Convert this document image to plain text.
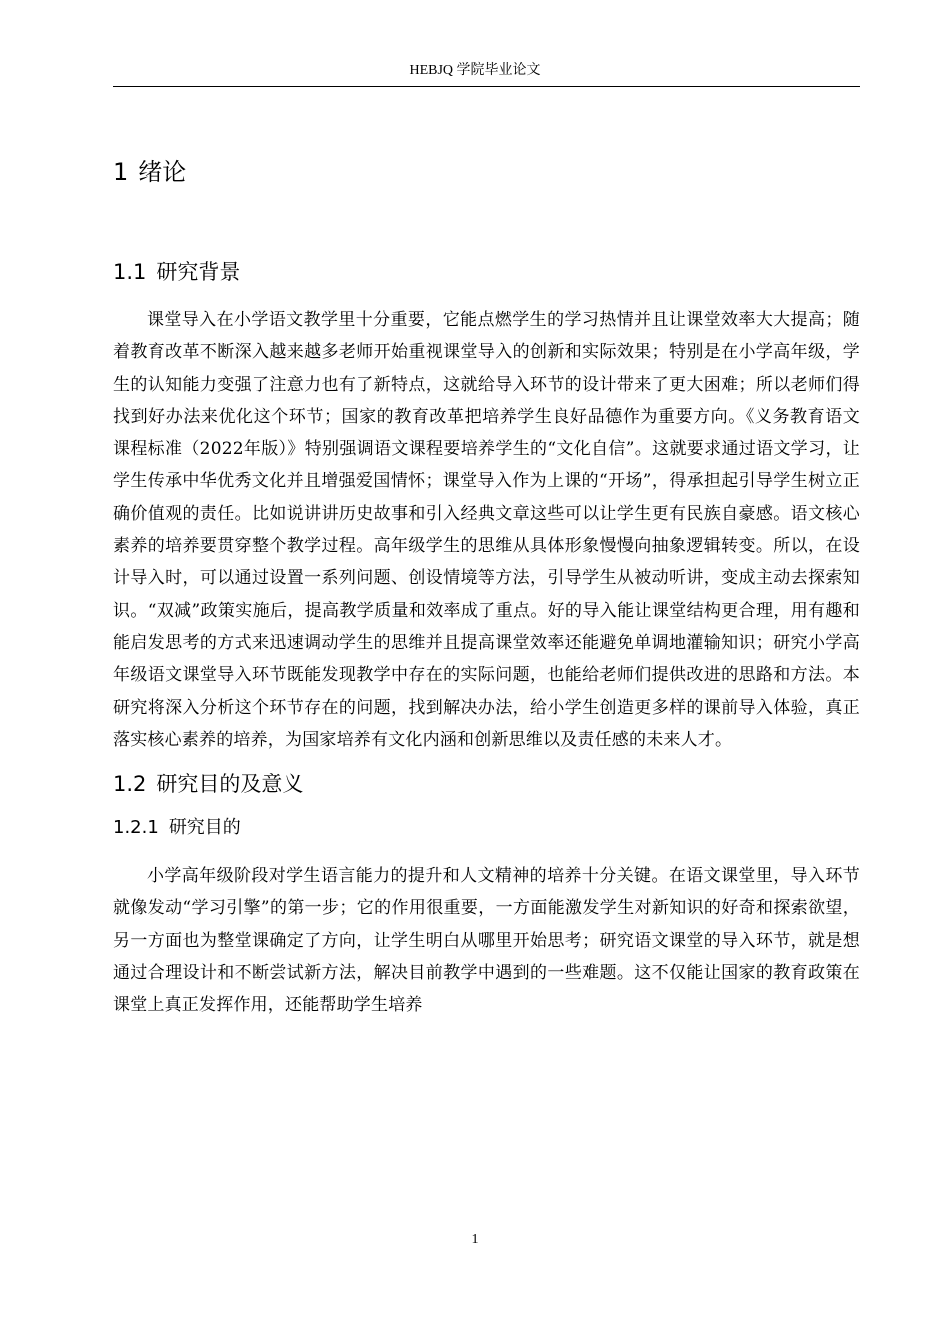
HEBJQ 学院毕业论文
1 绪论
1.1 研究背景

课堂导入在小学语文教学里十分重要，它能点燃学生的学习热情并且让课堂效率大大提高；随着教育改革不断深入越来越多老师开始重视课堂导入的创新和实际效果；特别是在小学高年级，学生的认知能力变强了注意力也有了新特点，这就给导入环节的设计带来了更大困难；所以老师们得找到好办法来优化这个环节；国家的教育改革把培养学生良好品德作为重要方向。《义务教育语文课程标准（2022年版）》特别强调语文课程要培养学生的“文化自信”。这就要求通过语文学习，让学生传承中华优秀文化并且增强爱国情怀；课堂导入作为上课的“开场”，得承担起引导学生树立正确价值观的责任。比如说讲讲历史故事和引入经典文章这些可以让学生更有民族自豪感。语文核心素养的培养要贯穿整个教学过程。高年级学生的思维从具体形象慢慢向抽象逻辑转变。所以，在设计导入时，可以通过设置一系列问题、创设情境等方法，引导学生从被动听讲，变成主动去探索知识。“双减”政策实施后，提高教学质量和效率成了重点。好的导入能让课堂结构更合理，用有趣和能启发思考的方式来迅速调动学生的思维并且提高课堂效率还能避免单调地灌输知识；研究小学高年级语文课堂导入环节既能发现教学中存在的实际问题，也能给老师们提供改进的思路和方法。本研究将深入分析这个环节存在的问题，找到解决办法，给小学生创造更多样的课前导入体验，真正落实核心素养的培养，为国家培养有文化内涵和创新思维以及责任感的未来人才。

1.2 研究目的及意义
1.2.1 研究目的

小学高年级阶段对学生语言能力的提升和人文精神的培养十分关键。在语文课堂里，导入环节就像发动“学习引擎”的第一步；它的作用很重要，一方面能激发学生对新知识的好奇和探索欲望，另一方面也为整堂课确定了方向，让学生明白从哪里开始思考；研究语文课堂的导入环节，就是想通过合理设计和不断尝试新方法，解决目前教学中遇到的一些难题。这不仅能让国家的教育政策在课堂上真正发挥作用，还能帮助学生培养

1
